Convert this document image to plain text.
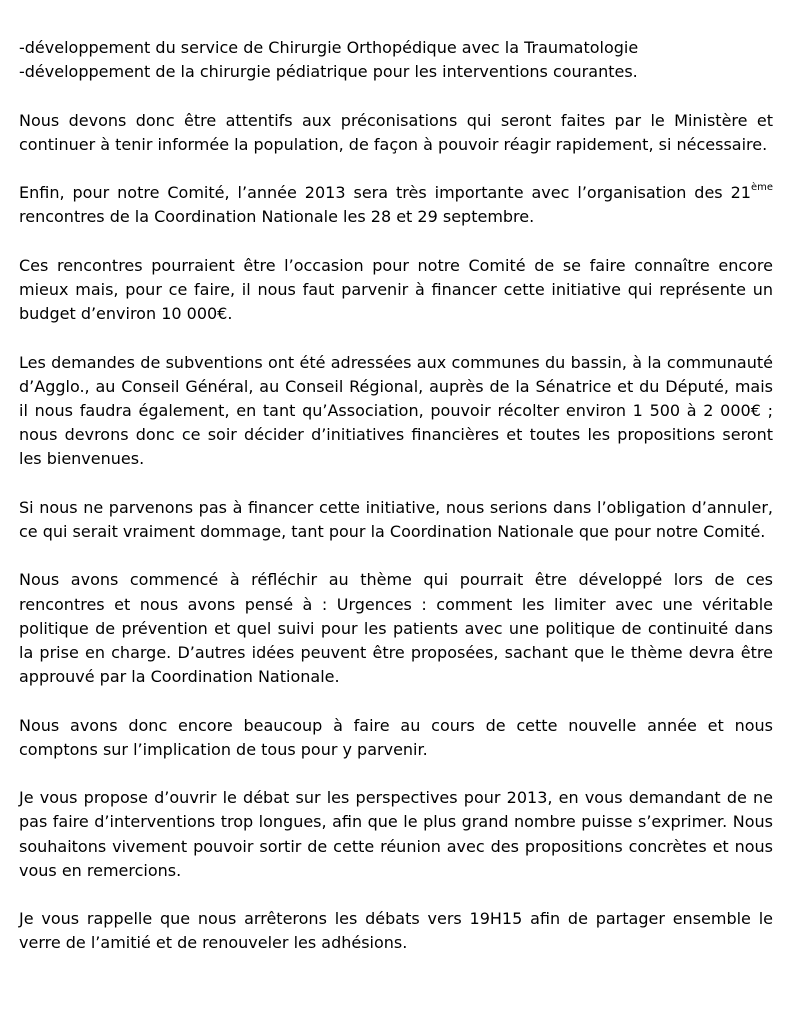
-développement du service de Chirurgie Orthopédique avec la Traumatologie
-développement de la chirurgie pédiatrique pour les interventions courantes.

Nous devons donc être attentifs aux préconisations qui seront faites par le Ministère et continuer à tenir informée la population, de façon à pouvoir réagir rapidement, si nécessaire.

Enfin, pour notre Comité, l’année 2013 sera très importante avec l’organisation des 21ème rencontres de la Coordination Nationale les 28 et 29 septembre.

Ces rencontres pourraient être l’occasion pour notre Comité de se faire connaître encore mieux mais, pour ce faire, il nous faut parvenir à financer cette initiative qui représente un budget d’environ 10 000€.

Les demandes de subventions ont été adressées aux communes du bassin, à la communauté d’Agglo., au Conseil Général, au Conseil Régional, auprès de la Sénatrice et du Député, mais il nous faudra également, en tant qu’Association, pouvoir récolter environ 1 500 à 2 000€ ; nous devrons donc ce soir décider d’initiatives financières et toutes les propositions seront les bienvenues.

Si nous ne parvenons pas à financer cette initiative, nous serions dans l’obligation d’annuler, ce qui serait vraiment dommage, tant pour la Coordination Nationale que pour notre Comité.

Nous avons commencé à réfléchir au thème qui pourrait être développé lors de ces rencontres et nous avons pensé à : Urgences : comment les limiter avec une véritable politique de prévention et quel suivi pour les patients avec une politique de continuité dans la prise en charge. D’autres idées peuvent être proposées, sachant que le thème devra être approuvé par la Coordination Nationale.

Nous avons donc encore beaucoup à faire au cours de cette nouvelle année et nous comptons sur l’implication de tous pour y parvenir.

Je vous propose d’ouvrir le débat sur les perspectives pour 2013, en vous demandant de ne pas faire d’interventions trop longues, afin que le plus grand nombre puisse s’exprimer. Nous souhaitons vivement pouvoir sortir de cette réunion avec des propositions concrètes et nous vous en remercions.

Je vous rappelle que nous arrêterons les débats vers 19H15 afin de partager ensemble le verre de l’amitié et de renouveler les adhésions.
